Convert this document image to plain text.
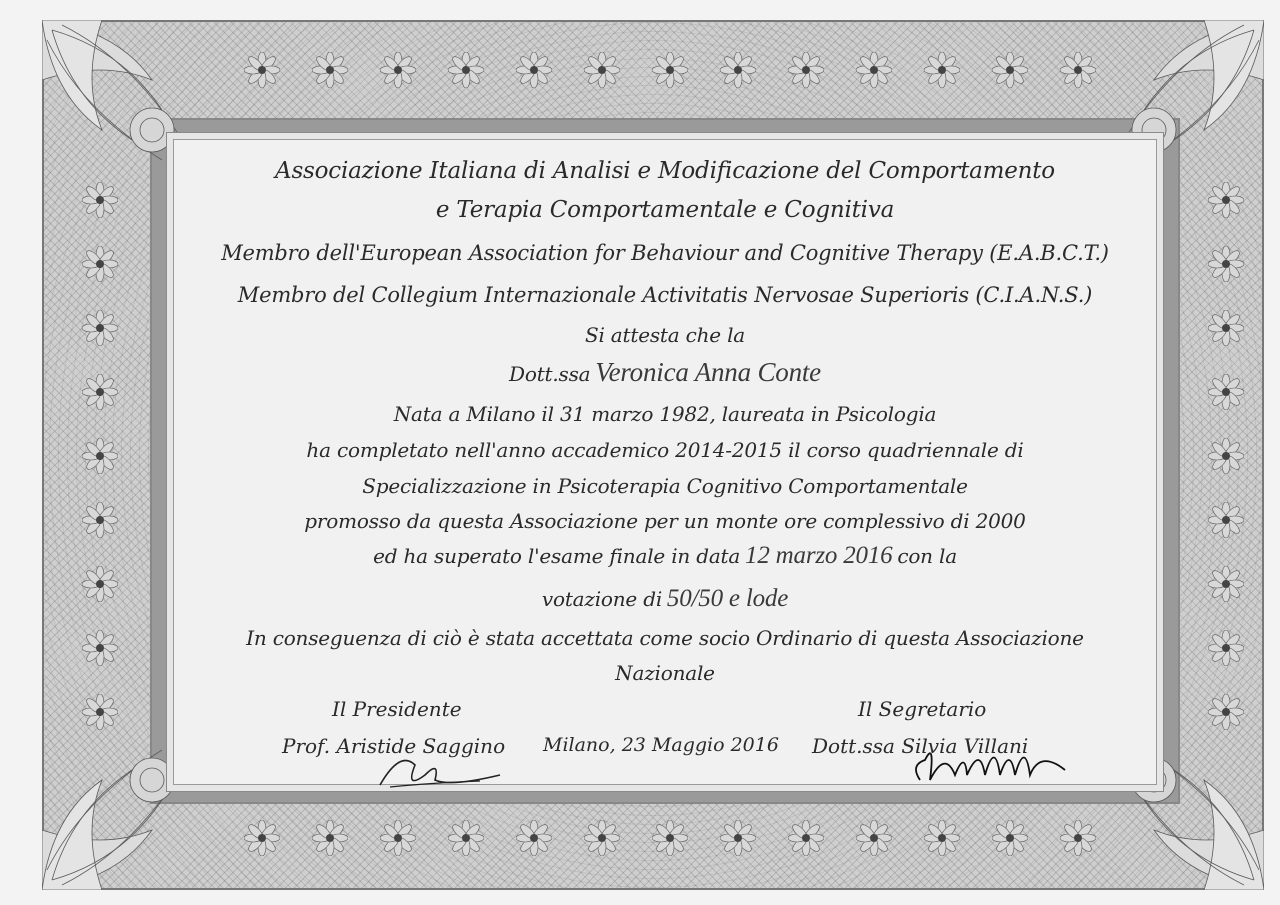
Associazione Italiana di Analisi e Modificazione del Comportamento
e Terapia Comportamentale e Cognitiva
Membro dell'European Association for Behaviour and Cognitive Therapy (E.A.B.C.T.)
Membro del Collegium Internazionale Activitatis Nervosae Superioris (C.I.A.N.S.)
Si attesta che la
Dott.ssa Veronica Anna Conte
Nata a Milano il 31 marzo 1982, laureata in Psicologia
ha completato nell'anno accademico 2014-2015 il corso quadriennale di
Specializzazione in Psicoterapia Cognitivo Comportamentale
promosso da questa Associazione per un monte ore complessivo di 2000
ed ha superato l'esame finale in data 12 marzo 2016 con la
votazione di 50/50 e lode
In conseguenza di ciò è stata accettata come socio Ordinario di questa Associazione
Nazionale
Il Presidente
Prof. Aristide Saggino Milano, 23 Maggio 2016
Il Segretario
Dott.ssa Silvia Villani
